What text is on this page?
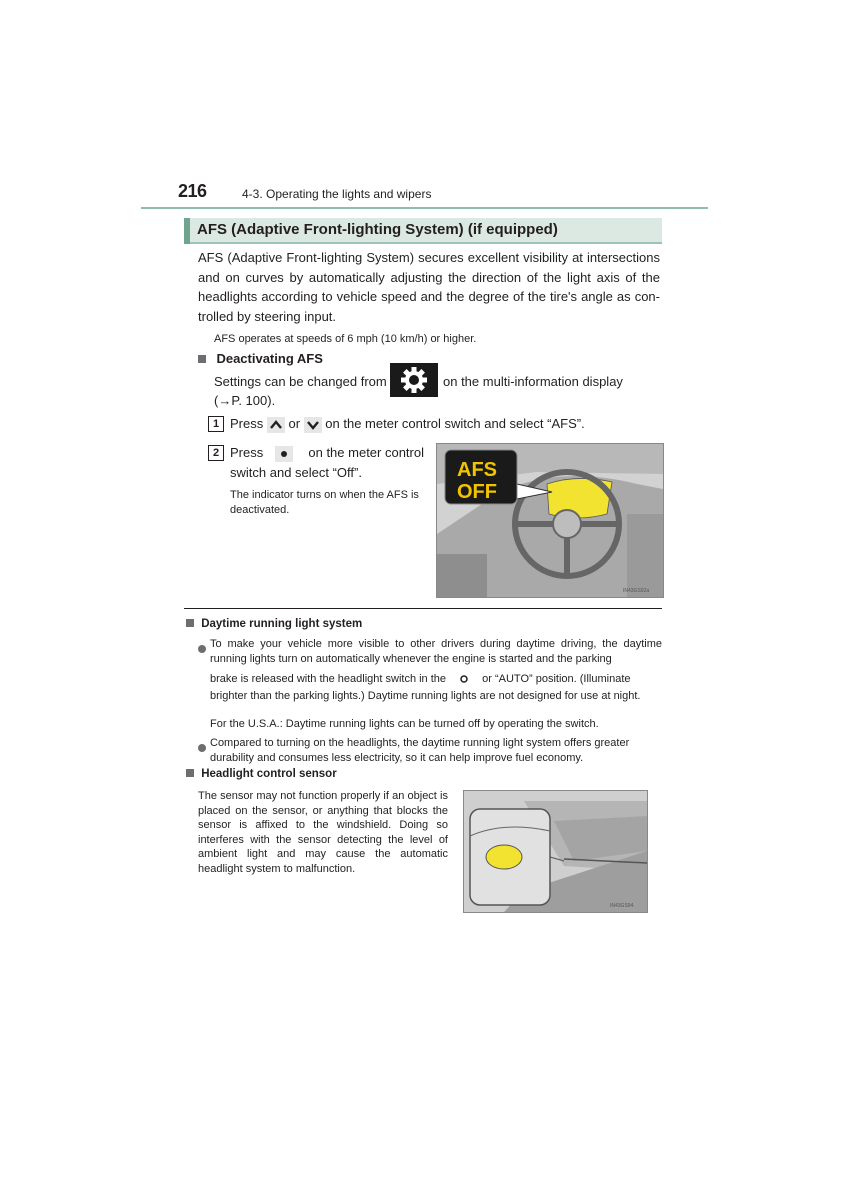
216	4-3. Operating the lights and wipers
AFS (Adaptive Front-lighting System) (if equipped)
AFS (Adaptive Front-lighting System) secures excellent visibility at intersections and on curves by automatically adjusting the direction of the light axis of the headlights according to vehicle speed and the degree of the tire's angle as con-trolled by steering input.
AFS operates at speeds of 6 mph (10 km/h) or higher.
Deactivating AFS
Settings can be changed from	on the multi-information display
(→P. 100).
1 Press or on the meter control switch and select “AFS”.
2 Press	on the meter control
switch and select “Off”.
The indicator turns on when the AFS is deactivated.
AFS
OFF
IN43GS92a
Daytime running light system
To make your vehicle more visible to other drivers during daytime driving, the daytime running lights turn on automatically whenever the engine is started and the parking
brake is released with the headlight switch in the	or “AUTO” position. (Illuminate
brighter than the parking lights.) Daytime running lights are not designed for use at night.
For the U.S.A.: Daytime running lights can be turned off by operating the switch.
Compared to turning on the headlights, the daytime running light system offers greater durability and consumes less electricity, so it can help improve fuel economy.
Headlight control sensor
The sensor may not function properly if an object is placed on the sensor, or anything that blocks the sensor is affixed to the windshield. Doing so interferes with the sensor detecting the level of ambient light and may cause the automatic headlight system to malfunction.
IN43GS94
